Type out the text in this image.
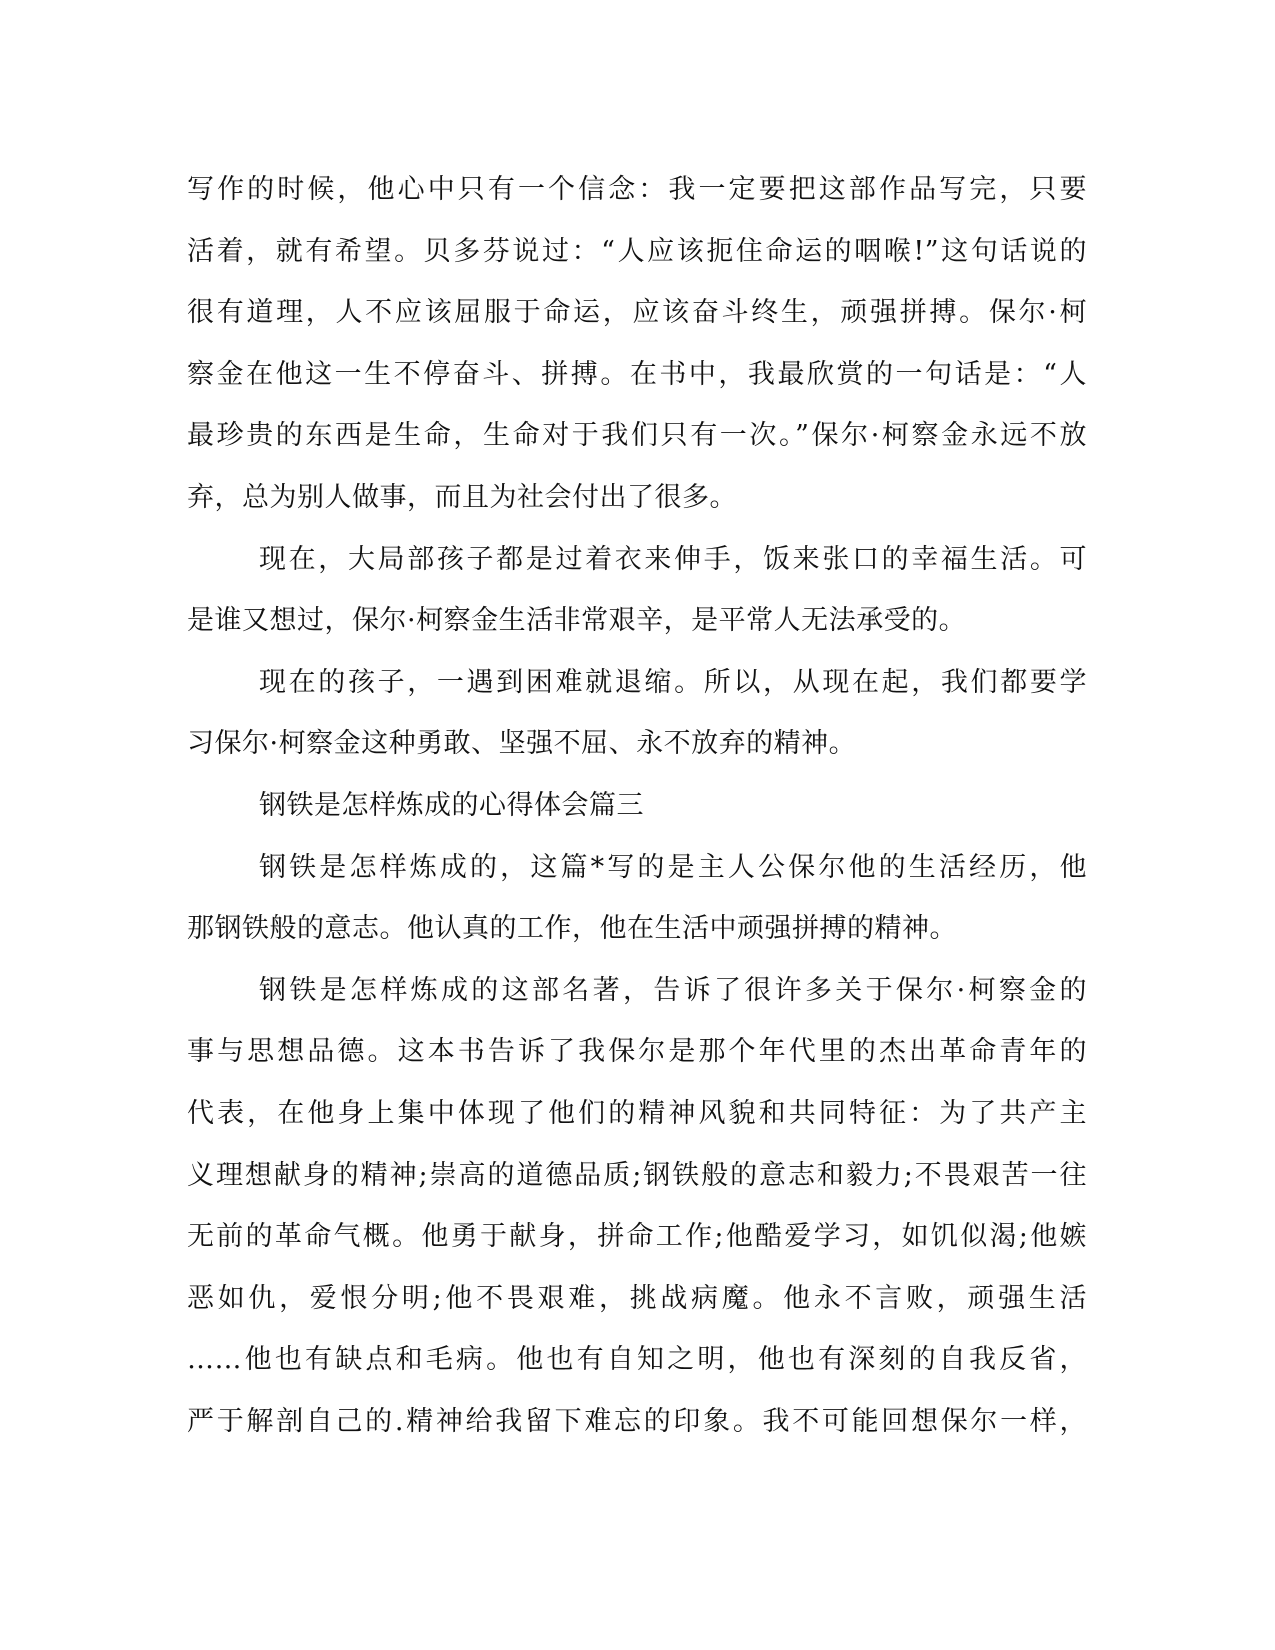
写作的时候，他心中只有一个信念：我一定要把这部作品写完，只要
活着，就有希望。贝多芬说过：“人应该扼住命运的咽喉!”这句话说的
很有道理，人不应该屈服于命运，应该奋斗终生，顽强拼搏。保尔·柯
察金在他这一生不停奋斗、拼搏。在书中，我最欣赏的一句话是：“人
最珍贵的东西是生命，生命对于我们只有一次。”保尔·柯察金永远不放
弃，总为别人做事，而且为社会付出了很多。
现在，大局部孩子都是过着衣来伸手，饭来张口的幸福生活。可
是谁又想过，保尔·柯察金生活非常艰辛，是平常人无法承受的。
现在的孩子，一遇到困难就退缩。所以，从现在起，我们都要学
习保尔·柯察金这种勇敢、坚强不屈、永不放弃的精神。
钢铁是怎样炼成的心得体会篇三
钢铁是怎样炼成的，这篇*写的是主人公保尔他的生活经历，他
那钢铁般的意志。他认真的工作，他在生活中顽强拼搏的精神。
钢铁是怎样炼成的这部名著，告诉了很许多关于保尔·柯察金的
事与思想品德。这本书告诉了我保尔是那个年代里的杰出革命青年的
代表，在他身上集中体现了他们的精神风貌和共同特征：为了共产主
义理想献身的精神;崇高的道德品质;钢铁般的意志和毅力;不畏艰苦一往
无前的革命气概。他勇于献身，拼命工作;他酷爱学习，如饥似渴;他嫉
恶如仇，爱恨分明;他不畏艰难，挑战病魔。他永不言败，顽强生活
……他也有缺点和毛病。他也有自知之明，他也有深刻的自我反省，
严于解剖自己的.精神给我留下难忘的印象。我不可能回想保尔一样，
